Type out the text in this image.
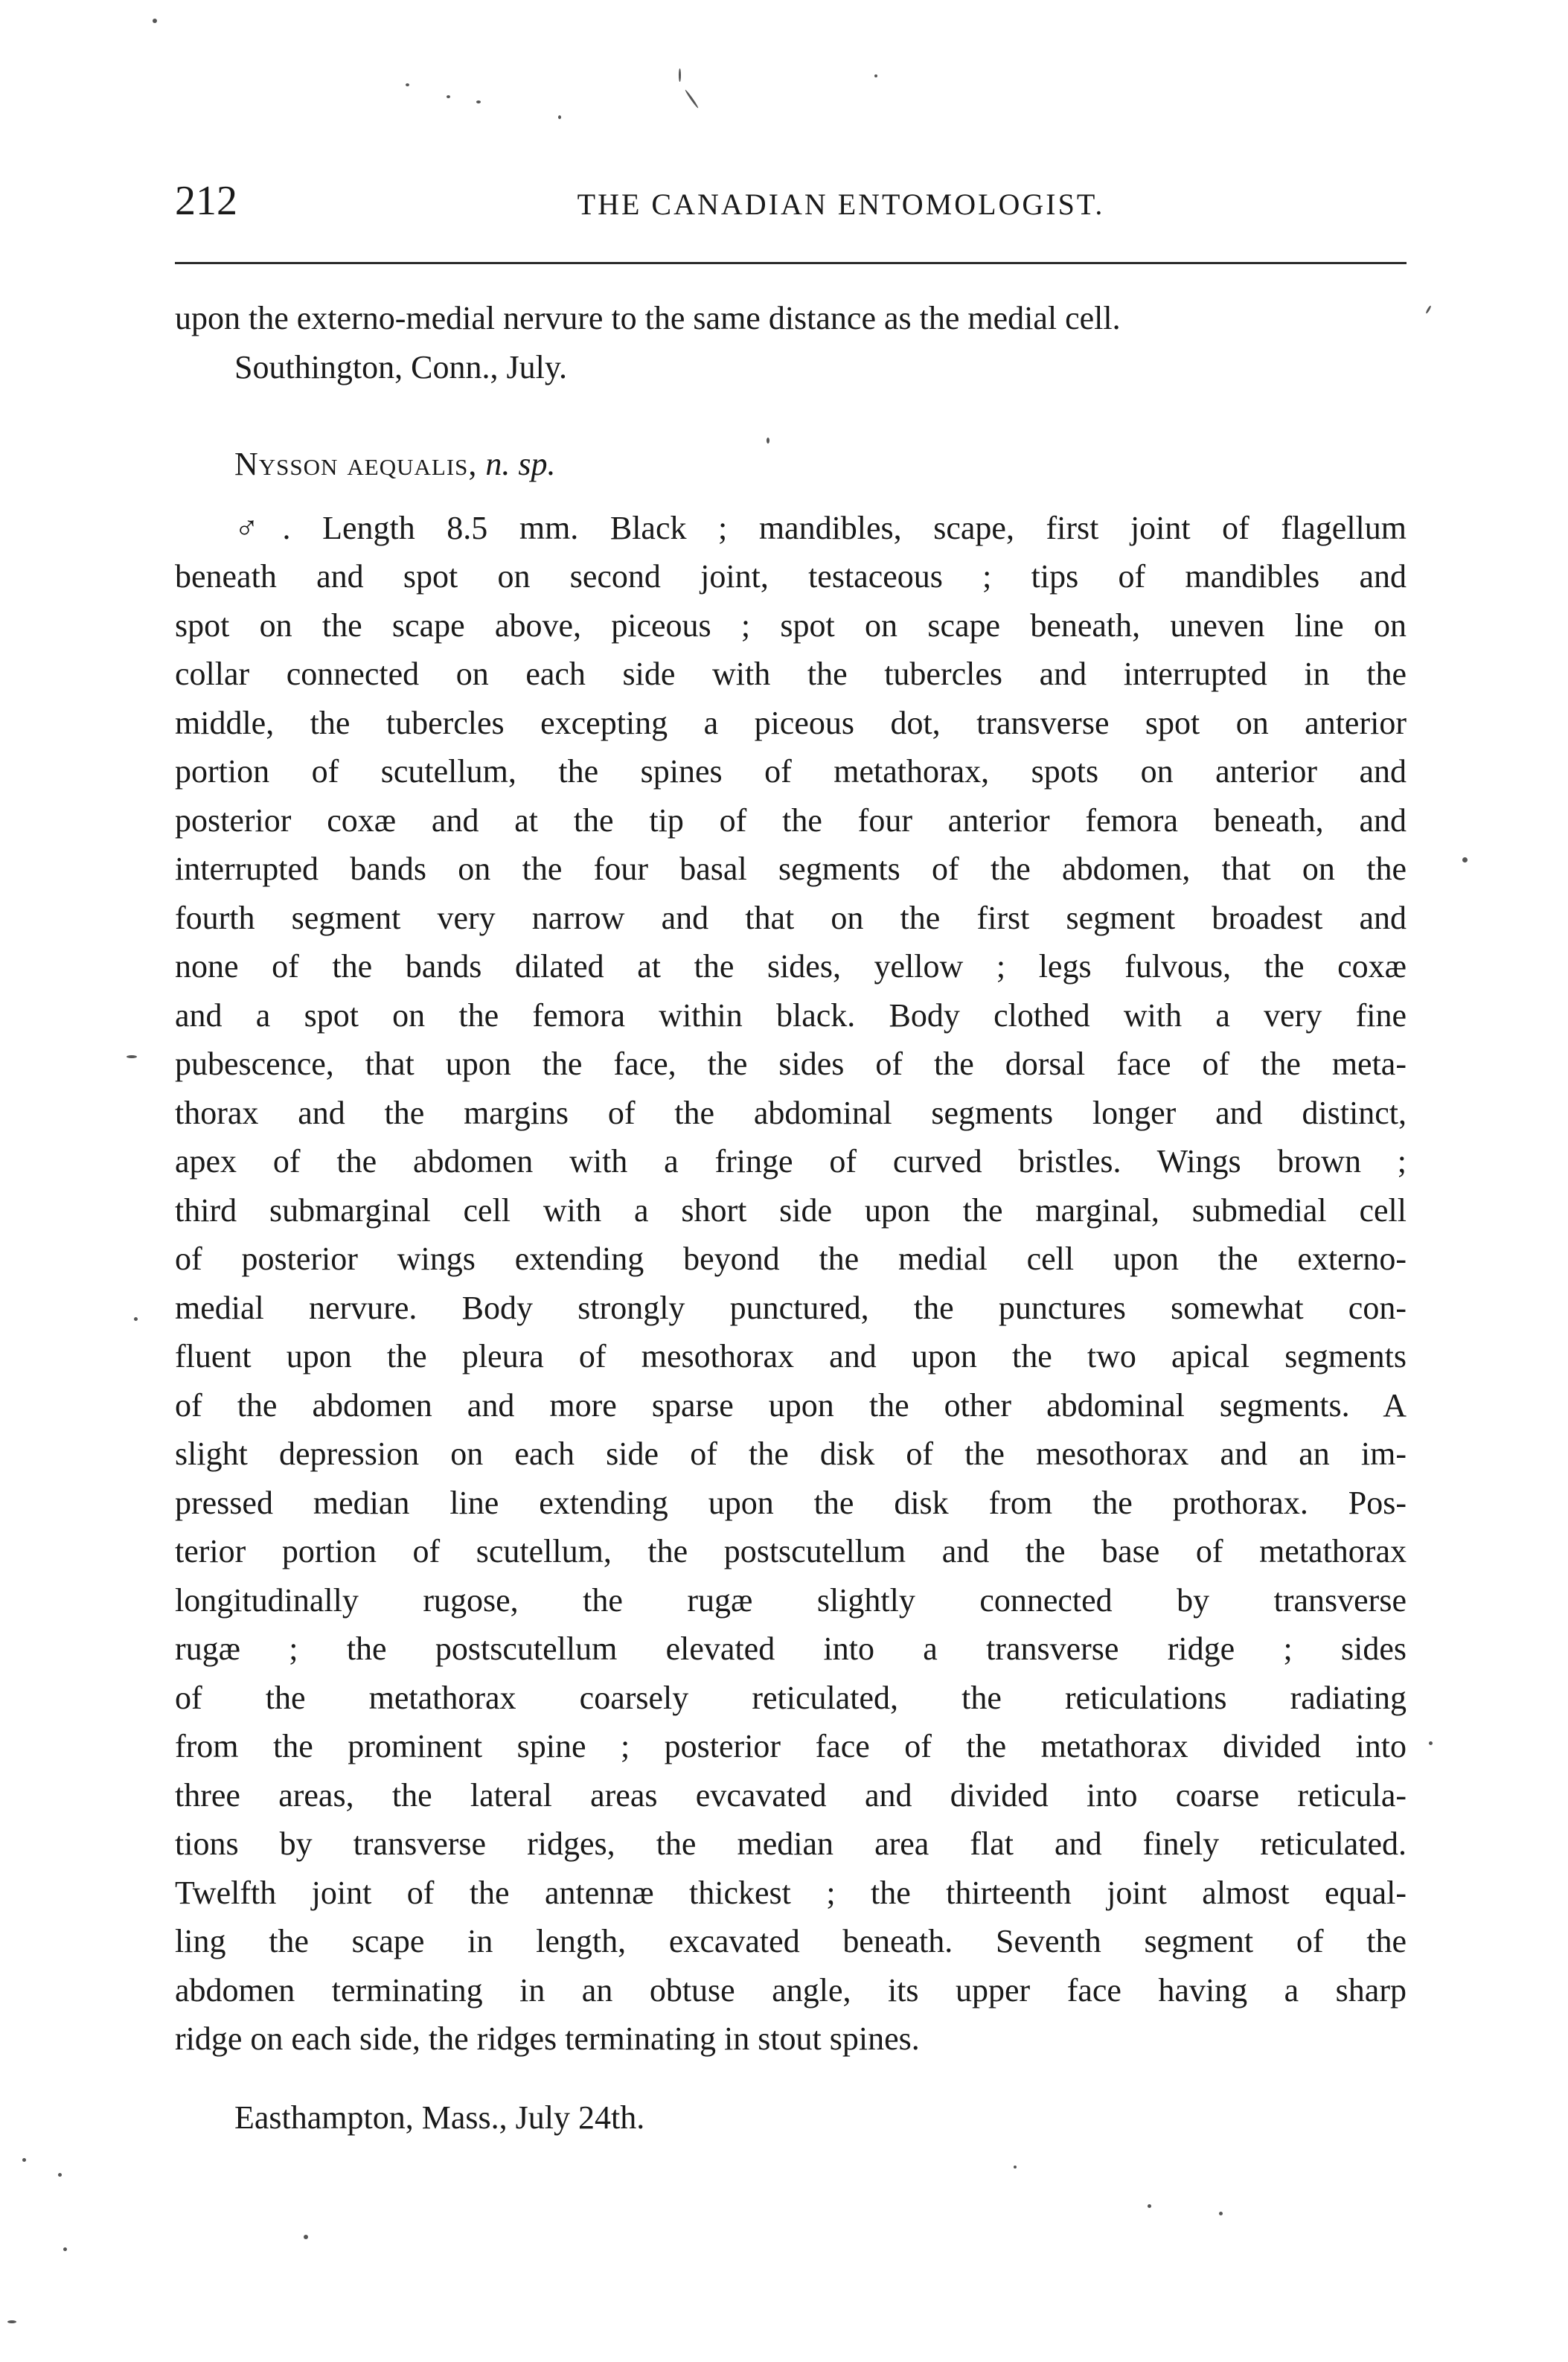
212	THE CANADIAN ENTOMOLOGIST.

upon the externo-medial nervure to the same distance as the medial cell.

Southington, Conn., July.

Nysson aequalis, n. sp.

♂. Length 8.5 mm. Black ; mandibles, scape, first joint of flagellum
beneath and spot on second joint, testaceous ; tips of mandibles and
spot on the scape above, piceous ; spot on scape beneath, uneven line on
collar connected on each side with the tubercles and interrupted in the
middle, the tubercles excepting a piceous dot, transverse spot on anterior
portion of scutellum, the spines of metathorax, spots on anterior and
posterior coxæ and at the tip of the four anterior femora beneath, and
interrupted bands on the four basal segments of the abdomen, that on the
fourth segment very narrow and that on the first segment broadest and
none of the bands dilated at the sides, yellow ; legs fulvous, the coxæ
and a spot on the femora within black. Body clothed with a very fine
pubescence, that upon the face, the sides of the dorsal face of the meta-
thorax and the margins of the abdominal segments longer and distinct,
apex of the abdomen with a fringe of curved bristles. Wings brown ;
third submarginal cell with a short side upon the marginal, submedial cell
of posterior wings extending beyond the medial cell upon the externo-
medial nervure. Body strongly punctured, the punctures somewhat con-
fluent upon the pleura of mesothorax and upon the two apical segments
of the abdomen and more sparse upon the other abdominal segments. A
slight depression on each side of the disk of the mesothorax and an im-
pressed median line extending upon the disk from the prothorax. Pos-
terior portion of scutellum, the postscutellum and the base of metathorax
longitudinally rugose, the rugæ slightly connected by transverse
rugæ ; the postscutellum elevated into a transverse ridge ; sides
of the metathorax coarsely reticulated, the reticulations radiating
from the prominent spine ; posterior face of the metathorax divided into
three areas, the lateral areas evcavated and divided into coarse reticula-
tions by transverse ridges, the median area flat and finely reticulated.
Twelfth joint of the antennæ thickest ; the thirteenth joint almost equal-
ling the scape in length, excavated beneath. Seventh segment of the
abdomen terminating in an obtuse angle, its upper face having a sharp
ridge on each side, the ridges terminating in stout spines.

Easthampton, Mass., July 24th.
